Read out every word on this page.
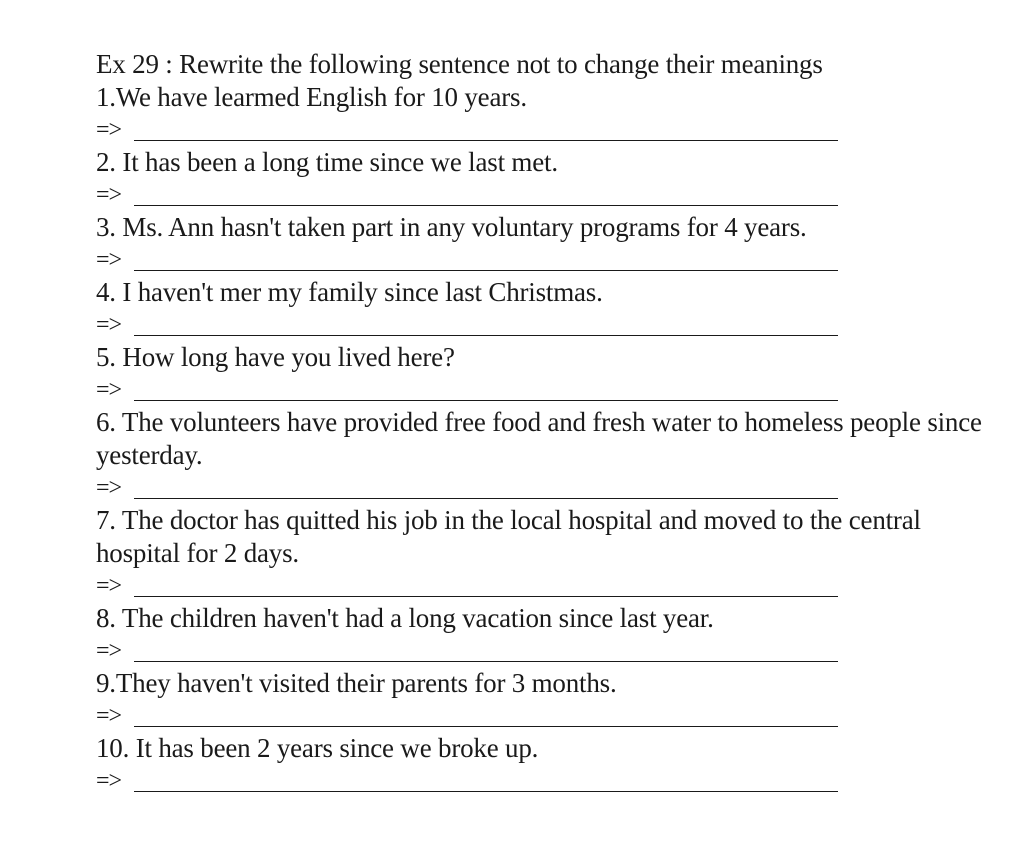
Ex 29 : Rewrite the following sentence not to change their meanings

1.We have learmed English for 10 years.

=>

2. It has been a long time since we last met.

=>

3. Ms. Ann hasn't taken part in any voluntary programs for 4 years.

=>

4. I haven't mer my family since last Christmas.

=>

5. How long have you lived here?

=>

6. The volunteers have provided free food and fresh water to homeless people since yesterday.

=>

7. The doctor has quitted his job in the local hospital and moved to the central hospital for 2 days.

=>

8. The children haven't had a long vacation since last year.

=>

9.They haven't visited their parents for 3 months.

=>

10. It has been 2 years since we broke up.

=>
